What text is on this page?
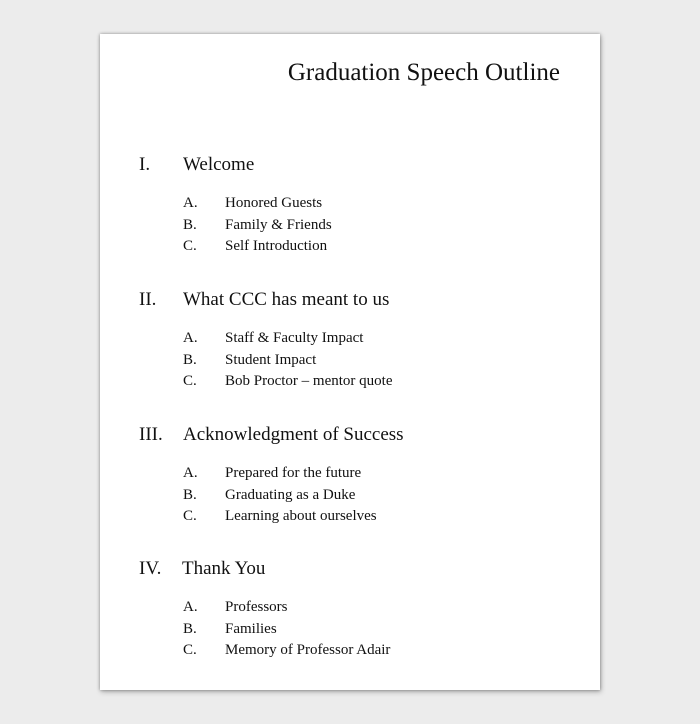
Graduation Speech Outline
I. Welcome
A. Honored Guests
B. Family & Friends
C. Self Introduction
II. What CCC has meant to us
A. Staff & Faculty Impact
B. Student Impact
C. Bob Proctor – mentor quote
III. Acknowledgment of Success
A. Prepared for the future
B. Graduating as a Duke
C. Learning about ourselves
IV. Thank You
A. Professors
B. Families
C. Memory of Professor Adair
